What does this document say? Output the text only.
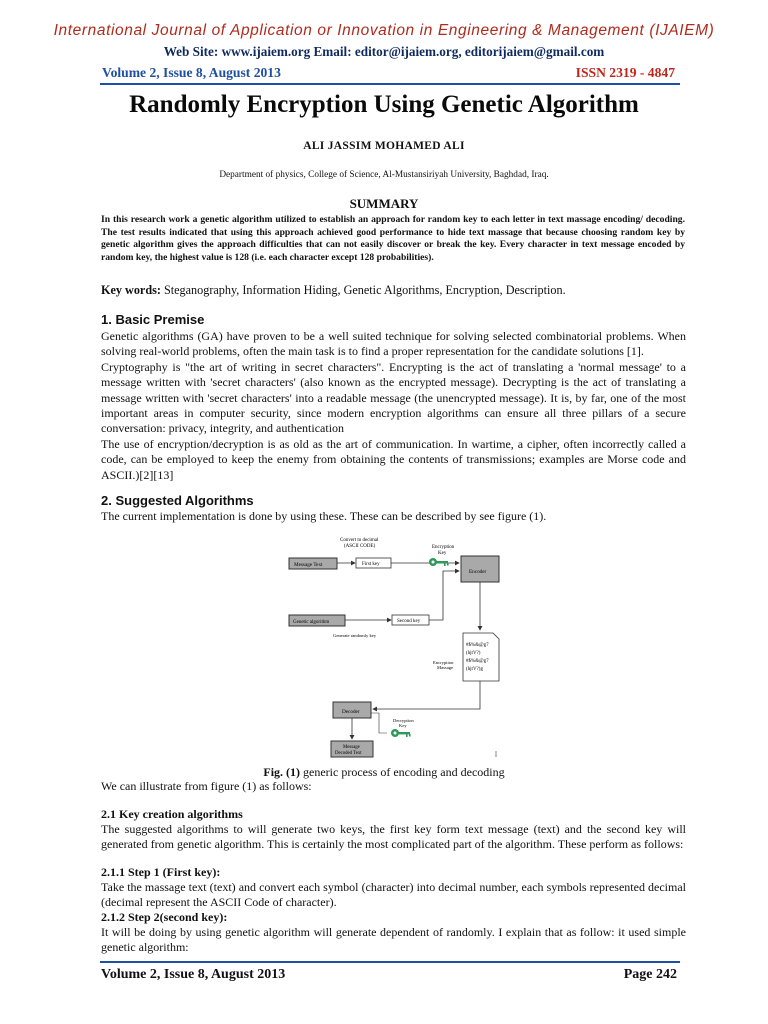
International Journal of Application or Innovation in Engineering & Management (IJAIEM)
Web Site: www.ijaiem.org Email: editor@ijaiem.org, editorijaiem@gmail.com
Volume 2, Issue 8, August 2013	ISSN 2319 - 4847
Randomly Encryption Using Genetic Algorithm
ALI JASSIM MOHAMED ALI
Department of physics, College of Science, Al-Mustansiriyah University, Baghdad, Iraq.
SUMMARY
In this research work a genetic algorithm utilized to establish an approach for random key to each letter in text massage encoding/ decoding. The test results indicated that using this approach achieved good performance to hide text massage that because choosing random key by genetic algorithm gives the approach difficulties that can not easily discover or break the key. Every character in text message encoded by random key, the highest value is 128 (i.e. each character except 128 probabilities).
Key words: Steganography, Information Hiding, Genetic Algorithms, Encryption, Description.
1. Basic Premise
Genetic algorithms (GA) have proven to be a well suited technique for solving selected combinatorial problems. When solving real-world problems, often the main task is to find a proper representation for the candidate solutions [1].
Cryptography is "the art of writing in secret characters". Encrypting is the act of translating a 'normal message' to a message written with 'secret characters' (also known as the encrypted message). Decrypting is the act of translating a message written with 'secret characters' into a readable message (the unencrypted message). It is, by far, one of the most important areas in computer security, since modern encryption algorithms can ensure all three pillars of a secure conversation: privacy, integrity, and authentication
The use of encryption/decryption is as old as the art of communication. In wartime, a cipher, often incorrectly called a code, can be employed to keep the enemy from obtaining the contents of transmissions; examples are Morse code and ASCII.)[2][13]
2. Suggested Algorithms
The current implementation is done by using these. These can be described by see figure (1).
Convert to decimal
(ASCII CODE)
Message Text	First key
Encryption
Key
Encoder
Genetic algorithm
Generate randomly key
Second key
#$%&@g7
(hjtV?)
#$%&@g7
(hjtV?)g
Encryption
Massage
Decoder
Decryption
Key
Message
Decoded Text
Fig. (1) generic process of encoding and decoding
We can illustrate from figure (1) as follows:
2.1 Key creation algorithms
The suggested algorithms to will generate two keys, the first key form text message (text) and the second key will generated from genetic algorithm. This is certainly the most complicated part of the algorithm. These perform as follows:
2.1.1 Step 1 (First key):
Take the massage text (text) and convert each symbol (character) into decimal number, each symbols represented decimal (decimal represent the ASCII Code of character).
2.1.2 Step 2(second key):
It will be doing by using genetic algorithm will generate dependent of randomly. I explain that as follow: it used simple genetic algorithm:
Volume 2, Issue 8, August 2013	Page 242
